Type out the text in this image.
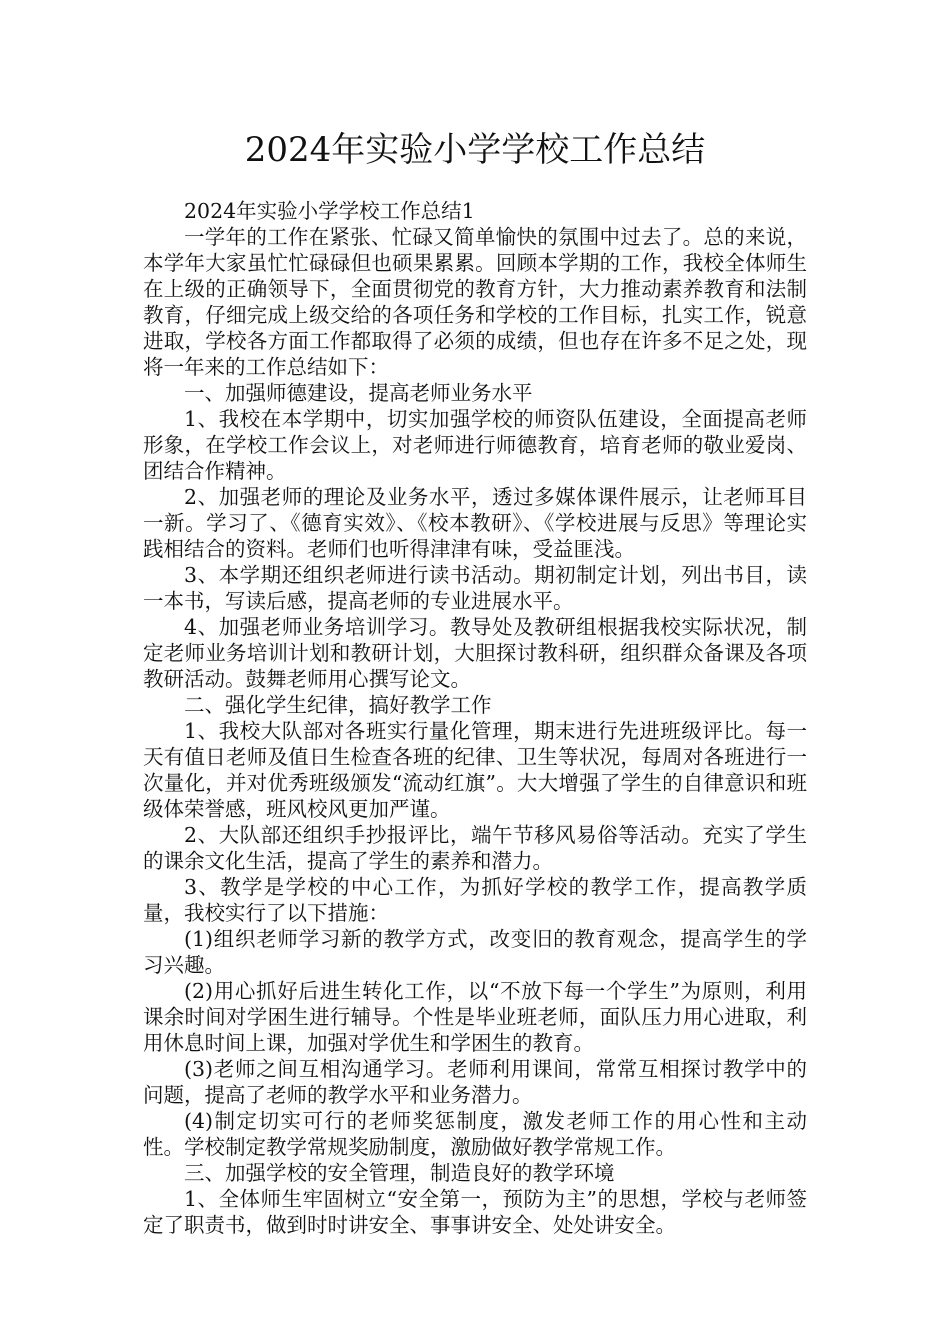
2024年实验小学学校工作总结

2024年实验小学学校工作总结1

一学年的工作在紧张、忙碌又简单愉快的氛围中过去了。总的来说，本学年大家虽忙忙碌碌但也硕果累累。回顾本学期的工作，我校全体师生在上级的正确领导下，全面贯彻党的教育方针，大力推动素养教育和法制教育，仔细完成上级交给的各项任务和学校的工作目标，扎实工作，锐意进取，学校各方面工作都取得了必须的成绩，但也存在许多不足之处，现将一年来的工作总结如下：

一、加强师德建设，提高老师业务水平

1、我校在本学期中，切实加强学校的师资队伍建设，全面提高老师形象，在学校工作会议上，对老师进行师德教育，培育老师的敬业爱岗、团结合作精神。

2、加强老师的理论及业务水平，透过多媒体课件展示，让老师耳目一新。学习了、《德育实效》、《校本教研》、《学校进展与反思》等理论实践相结合的资料。老师们也听得津津有味，受益匪浅。

3、本学期还组织老师进行读书活动。期初制定计划，列出书目，读一本书，写读后感，提高老师的专业进展水平。

4、加强老师业务培训学习。教导处及教研组根据我校实际状况，制定老师业务培训计划和教研计划，大胆探讨教科研，组织群众备课及各项教研活动。鼓舞老师用心撰写论文。

二、强化学生纪律，搞好教学工作

1、我校大队部对各班实行量化管理，期末进行先进班级评比。每一天有值日老师及值日生检查各班的纪律、卫生等状况，每周对各班进行一次量化，并对优秀班级颁发“流动红旗”。大大增强了学生的自律意识和班级体荣誉感，班风校风更加严谨。

2、大队部还组织手抄报评比，端午节移风易俗等活动。充实了学生的课余文化生活，提高了学生的素养和潜力。

3、教学是学校的中心工作，为抓好学校的教学工作，提高教学质量，我校实行了以下措施：

(1)组织老师学习新的教学方式，改变旧的教育观念，提高学生的学习兴趣。

(2)用心抓好后进生转化工作，以“不放下每一个学生”为原则，利用课余时间对学困生进行辅导。个性是毕业班老师，面队压力用心进取，利用休息时间上课，加强对学优生和学困生的教育。

(3)老师之间互相沟通学习。老师利用课间，常常互相探讨教学中的问题，提高了老师的教学水平和业务潜力。

(4)制定切实可行的老师奖惩制度，激发老师工作的用心性和主动性。学校制定教学常规奖励制度，激励做好教学常规工作。

三、加强学校的安全管理，制造良好的教学环境

1、全体师生牢固树立“安全第一，预防为主”的思想，学校与老师签定了职责书，做到时时讲安全、事事讲安全、处处讲安全。
